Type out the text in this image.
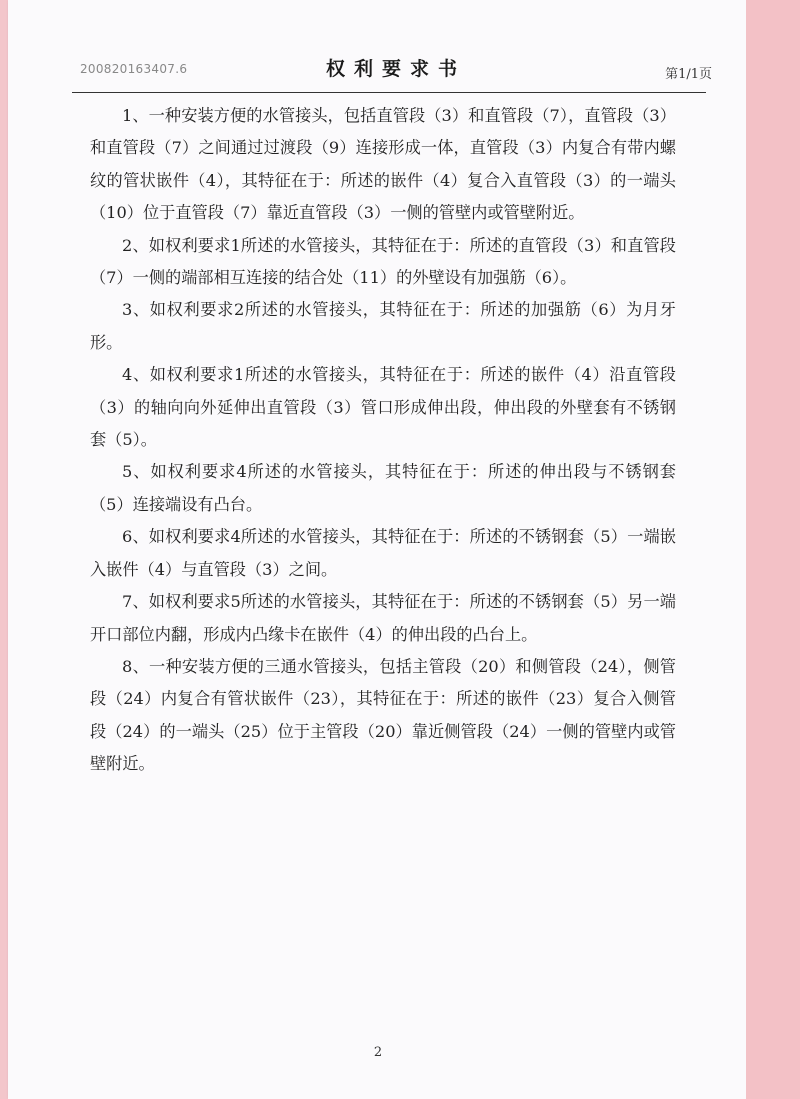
200820163407.6	权利要求书	第1/1页

1、一种安装方便的水管接头，包括直管段（3）和直管段（7），直管段（3）和直管段（7）之间通过过渡段（9）连接形成一体，直管段（3）内复合有带内螺纹的管状嵌件（4），其特征在于：所述的嵌件（4）复合入直管段（3）的一端头（10）位于直管段（7）靠近直管段（3）一侧的管壁内或管壁附近。

2、如权利要求1所述的水管接头，其特征在于：所述的直管段（3）和直管段（7）一侧的端部相互连接的结合处（11）的外壁设有加强筋（6）。

3、如权利要求2所述的水管接头，其特征在于：所述的加强筋（6）为月牙形。

4、如权利要求1所述的水管接头，其特征在于：所述的嵌件（4）沿直管段（3）的轴向向外延伸出直管段（3）管口形成伸出段，伸出段的外壁套有不锈钢套（5）。

5、如权利要求4所述的水管接头，其特征在于：所述的伸出段与不锈钢套（5）连接端设有凸台。

6、如权利要求4所述的水管接头，其特征在于：所述的不锈钢套（5）一端嵌入嵌件（4）与直管段（3）之间。

7、如权利要求5所述的水管接头，其特征在于：所述的不锈钢套（5）另一端开口部位内翻，形成内凸缘卡在嵌件（4）的伸出段的凸台上。

8、一种安装方便的三通水管接头，包括主管段（20）和侧管段（24），侧管段（24）内复合有管状嵌件（23），其特征在于：所述的嵌件（23）复合入侧管段（24）的一端头（25）位于主管段（20）靠近侧管段（24）一侧的管壁内或管壁附近。

2
